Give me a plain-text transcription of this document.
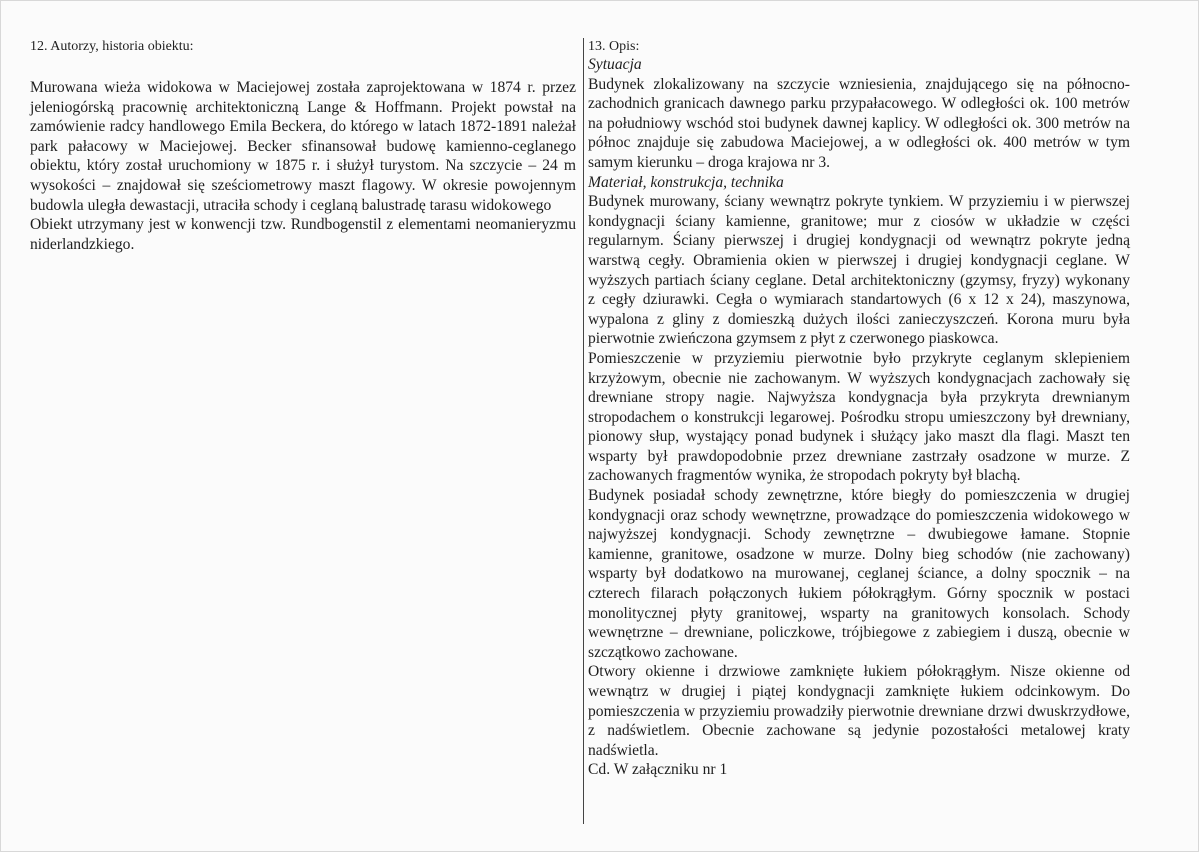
12. Autorzy, historia obiektu:

Murowana wieża widokowa w Maciejowej została zaprojektowana w 1874 r. przez jeleniogórską pracownię architektoniczną Lange & Hoffmann. Projekt powstał na zamówienie radcy handlowego Emila Beckera, do którego w latach 1872-1891 należał park pałacowy w Maciejowej. Becker sfinansował budowę kamienno-ceglanego obiektu, który został uruchomiony w 1875 r. i służył turystom. Na szczycie – 24 m wysokości – znajdował się sześciometrowy maszt flagowy. W okresie powojennym budowla uległa dewastacji, utraciła schody i ceglaną balustradę tarasu widokowego

Obiekt utrzymany jest w konwencji tzw. Rundbogenstil z elementami neomanieryzmu niderlandzkiego.

13. Opis:

Sytuacja

Budynek zlokalizowany na szczycie wzniesienia, znajdującego się na północno-zachodnich granicach dawnego parku przypałacowego. W odległości ok. 100 metrów na południowy wschód stoi budynek dawnej kaplicy. W odległości ok. 300 metrów na północ znajduje się zabudowa Maciejowej, a w odległości ok. 400 metrów w tym samym kierunku – droga krajowa nr 3.

Materiał, konstrukcja, technika

Budynek murowany, ściany wewnątrz pokryte tynkiem. W przyziemiu i w pierwszej kondygnacji ściany kamienne, granitowe; mur z ciosów w układzie w części regularnym. Ściany pierwszej i drugiej kondygnacji od wewnątrz pokryte jedną warstwą cegły. Obramienia okien w pierwszej i drugiej kondygnacji ceglane. W wyższych partiach ściany ceglane. Detal architektoniczny (gzymsy, fryzy) wykonany z cegły dziurawki. Cegła o wymiarach standartowych (6 x 12 x 24), maszynowa, wypalona z gliny z domieszką dużych ilości zanieczyszczeń. Korona muru była pierwotnie zwieńczona gzymsem z płyt z czerwonego piaskowca.

Pomieszczenie w przyziemiu pierwotnie było przykryte ceglanym sklepieniem krzyżowym, obecnie nie zachowanym. W wyższych kondygnacjach zachowały się drewniane stropy nagie. Najwyższa kondygnacja była przykryta drewnianym stropodachem o konstrukcji legarowej. Pośrodku stropu umieszczony był drewniany, pionowy słup, wystający ponad budynek i służący jako maszt dla flagi. Maszt ten wsparty był prawdopodobnie przez drewniane zastrzały osadzone w murze. Z zachowanych fragmentów wynika, że stropodach pokryty był blachą.

Budynek posiadał schody zewnętrzne, które biegły do pomieszczenia w drugiej kondygnacji oraz schody wewnętrzne, prowadzące do pomieszczenia widokowego w najwyższej kondygnacji. Schody zewnętrzne – dwubiegowe łamane. Stopnie kamienne, granitowe, osadzone w murze. Dolny bieg schodów (nie zachowany) wsparty był dodatkowo na murowanej, ceglanej ściance, a dolny spocznik – na czterech filarach połączonych łukiem półokrągłym. Górny spocznik w postaci monolitycznej płyty granitowej, wsparty na granitowych konsolach. Schody wewnętrzne – drewniane, policzkowe, trójbiegowe z zabiegiem i duszą, obecnie w szczątkowo zachowane.

Otwory okienne i drzwiowe zamknięte łukiem półokrągłym. Nisze okienne od wewnątrz w drugiej i piątej kondygnacji zamknięte łukiem odcinkowym. Do pomieszczenia w przyziemiu prowadziły pierwotnie drewniane drzwi dwuskrzydłowe, z nadświetlem. Obecnie zachowane są jedynie pozostałości metalowej kraty nadświetla.

Cd. W załączniku nr 1
